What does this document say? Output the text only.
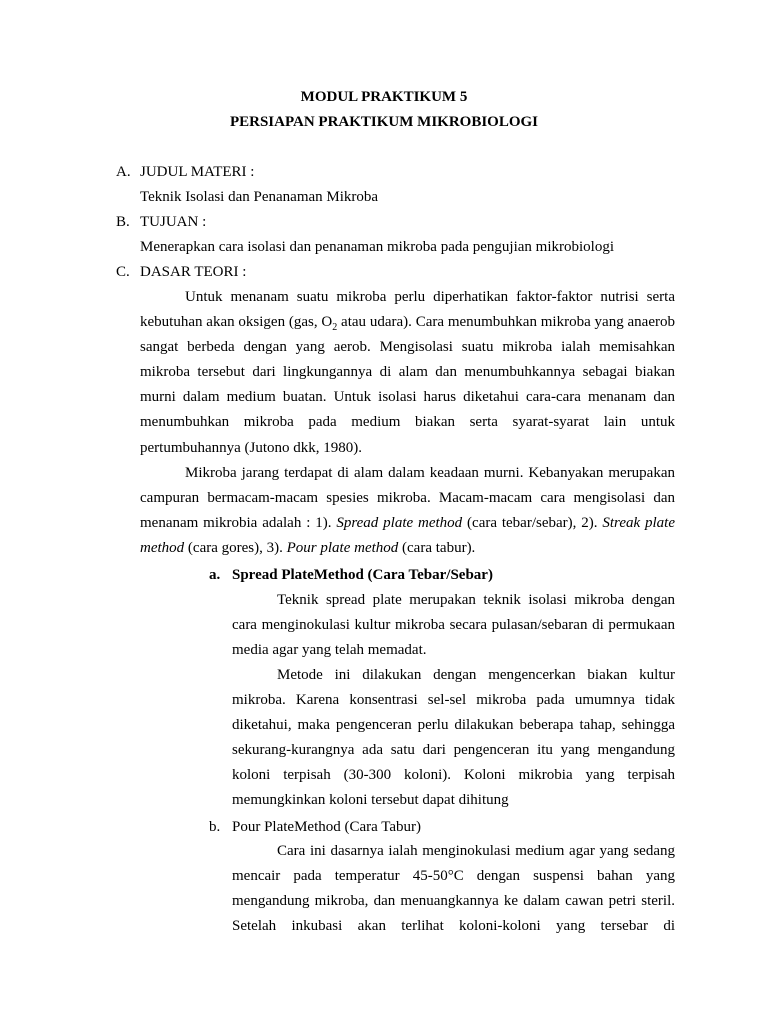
MODUL PRAKTIKUM 5
PERSIAPAN PRAKTIKUM MIKROBIOLOGI
A. JUDUL MATERI :
Teknik Isolasi dan Penanaman Mikroba
B. TUJUAN :
Menerapkan cara isolasi dan penanaman mikroba pada pengujian mikrobiologi
C. DASAR TEORI :

Untuk menanam suatu mikroba perlu diperhatikan faktor-faktor nutrisi serta kebutuhan akan oksigen (gas, $O_2$ atau udara). Cara menumbuhkan mikroba yang anaerob sangat berbeda dengan yang aerob. Mengisolasi suatu mikroba ialah memisahkan mikroba tersebut dari lingkungannya di alam dan menumbuhkannya sebagai biakan murni dalam medium buatan. Untuk isolasi harus diketahui cara-cara menanam dan menumbuhkan mikroba pada medium biakan serta syarat-syarat lain untuk pertumbuhannya (Jutono dkk, 1980).

Mikroba jarang terdapat di alam dalam keadaan murni. Kebanyakan merupakan campuran bermacam-macam spesies mikroba. Macam-macam cara mengisolasi dan menanam mikrobia adalah : 1). Spread plate method (cara tebar/sebar), 2). Streak plate method (cara gores), 3). Pour plate method (cara tabur).

a. Spread PlateMethod (Cara Tebar/Sebar)

Teknik spread plate merupakan teknik isolasi mikroba dengan cara menginokulasi kultur mikroba secara pulasan/sebaran di permukaan media agar yang telah memadat.

Metode ini dilakukan dengan mengencerkan biakan kultur mikroba. Karena konsentrasi sel-sel mikroba pada umumnya tidak diketahui, maka pengenceran perlu dilakukan beberapa tahap, sehingga sekurang-kurangnya ada satu dari pengenceran itu yang mengandung koloni terpisah (30-300 koloni). Koloni mikrobia yang terpisah memungkinkan koloni tersebut dapat dihitung

b. Pour PlateMethod (Cara Tabur)

Cara ini dasarnya ialah menginokulasi medium agar yang sedang mencair pada temperatur 45-50°C dengan suspensi bahan yang mengandung mikroba, dan menuangkannya ke dalam cawan petri steril. Setelah inkubasi akan terlihat koloni-koloni yang tersebar di
